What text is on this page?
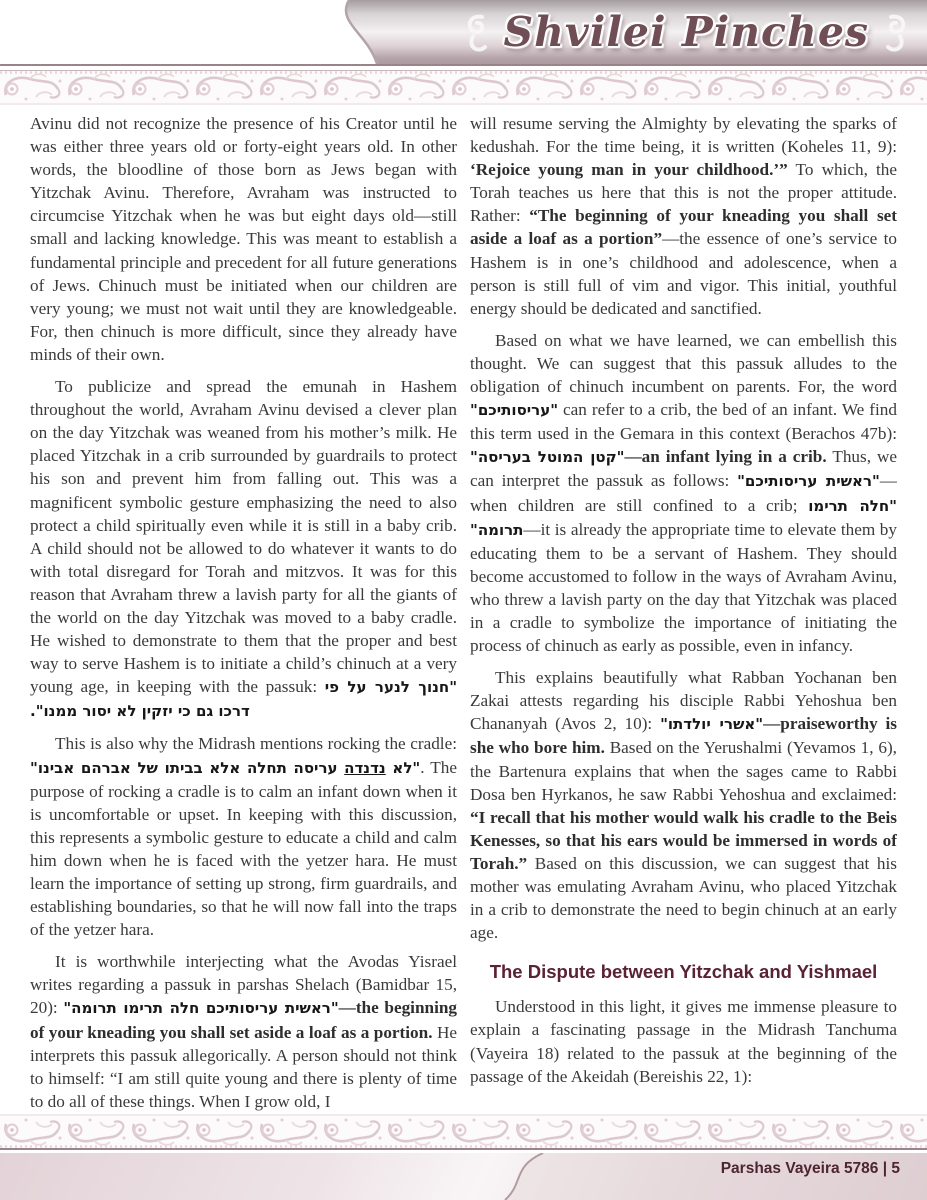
Shvilei Pinches

Avinu did not recognize the presence of his Creator until he was either three years old or forty-eight years old. In other words, the bloodline of those born as Jews began with Yitzchak Avinu. Therefore, Avraham was instructed to circumcise Yitzchak when he was but eight days old—still small and lacking knowledge. This was meant to establish a fundamental principle and precedent for all future generations of Jews. Chinuch must be initiated when our children are very young; we must not wait until they are knowledgeable. For, then chinuch is more difficult, since they already have minds of their own.

To publicize and spread the emunah in Hashem throughout the world, Avraham Avinu devised a clever plan on the day Yitzchak was weaned from his mother’s milk. He placed Yitzchak in a crib surrounded by guardrails to protect his son and prevent him from falling out. This was a magnificent symbolic gesture emphasizing the need to also protect a child spiritually even while it is still in a baby crib. A child should not be allowed to do whatever it wants to do with total disregard for Torah and mitzvos. It was for this reason that Avraham threw a lavish party for all the giants of the world on the day Yitzchak was moved to a baby cradle. He wished to demonstrate to them that the proper and best way to serve Hashem is to initiate a child’s chinuch at a very young age, in keeping with the passuk: "חנוך לנער על פי דרכו גם כי יזקין לא יסור ממנו".

This is also why the Midrash mentions rocking the cradle: "לא נדנדה עריסה תחלה אלא בביתו של אברהם אבינו"	. The purpose of rocking a cradle is to calm an infant down when it is uncomfortable or upset. In keeping with this discussion, this represents a symbolic gesture to educate a child and calm him down when he is faced with the yetzer hara. He must learn the importance of setting up strong, firm guardrails, and establishing boundaries, so that he will now fall into the traps of the yetzer hara.

It is worthwhile interjecting what the Avodas Yisrael writes regarding a passuk in parshas Shelach (Bamidbar 15, 20): "ראשית עריסותיכם חלה תרימו תרומה"—the beginning of your kneading you shall set aside a loaf as a portion. He interprets this passuk allegorically. A person should not think to himself: “I am still quite young and there is plenty of time to do all of these things. When I grow old, I

will resume serving the Almighty by elevating the sparks of kedushah. For the time being, it is written (Koheles 11, 9): ‘Rejoice young man in your childhood.’” To which, the Torah teaches us here that this is not the proper attitude. Rather: “The beginning of your kneading you shall set aside a loaf as a portion”—the essence of one’s service to Hashem is in one’s childhood and adolescence, when a person is still full of vim and vigor. This initial, youthful energy should be dedicated and sanctified.

Based on what we have learned, we can embellish this thought. We can suggest that this passuk alludes to the obligation of chinuch incumbent on parents. For, the word "עריסותיכם" can refer to a crib, the bed of an infant. We find this term used in the Gemara in this context (Berachos 47b): "קטן המוטל בעריסה"—an infant lying in a crib. Thus, we can interpret the passuk as follows: "ראשית עריסותיכם"—when children are still confined to a crib; "חלה תרימו תרומה"—it is already the appropriate time to elevate them by educating them to be a servant of Hashem. They should become accustomed to follow in the ways of Avraham Avinu, who threw a lavish party on the day that Yitzchak was placed in a cradle to symbolize the importance of initiating the process of chinuch as early as possible, even in infancy.

This explains beautifully what Rabban Yochanan ben Zakai attests regarding his disciple Rabbi Yehoshua ben Chananyah (Avos 2, 10): "אשרי יולדתו"—praiseworthy is she who bore him. Based on the Yerushalmi (Yevamos 1, 6), the Bartenura explains that when the sages came to Rabbi Dosa ben Hyrkanos, he saw Rabbi Yehoshua and exclaimed: “I recall that his mother would walk his cradle to the Beis Kenesses, so that his ears would be immersed in words of Torah.” Based on this discussion, we can suggest that his mother was emulating Avraham Avinu, who placed Yitzchak in a crib to demonstrate the need to begin chinuch at an early age.

The Dispute between Yitzchak and Yishmael

Understood in this light, it gives me immense pleasure to explain a fascinating passage in the Midrash Tanchuma (Vayeira 18) related to the passuk at the beginning of the passage of the Akeidah (Bereishis 22, 1):

Parshas Vayeira 5786 | 5
